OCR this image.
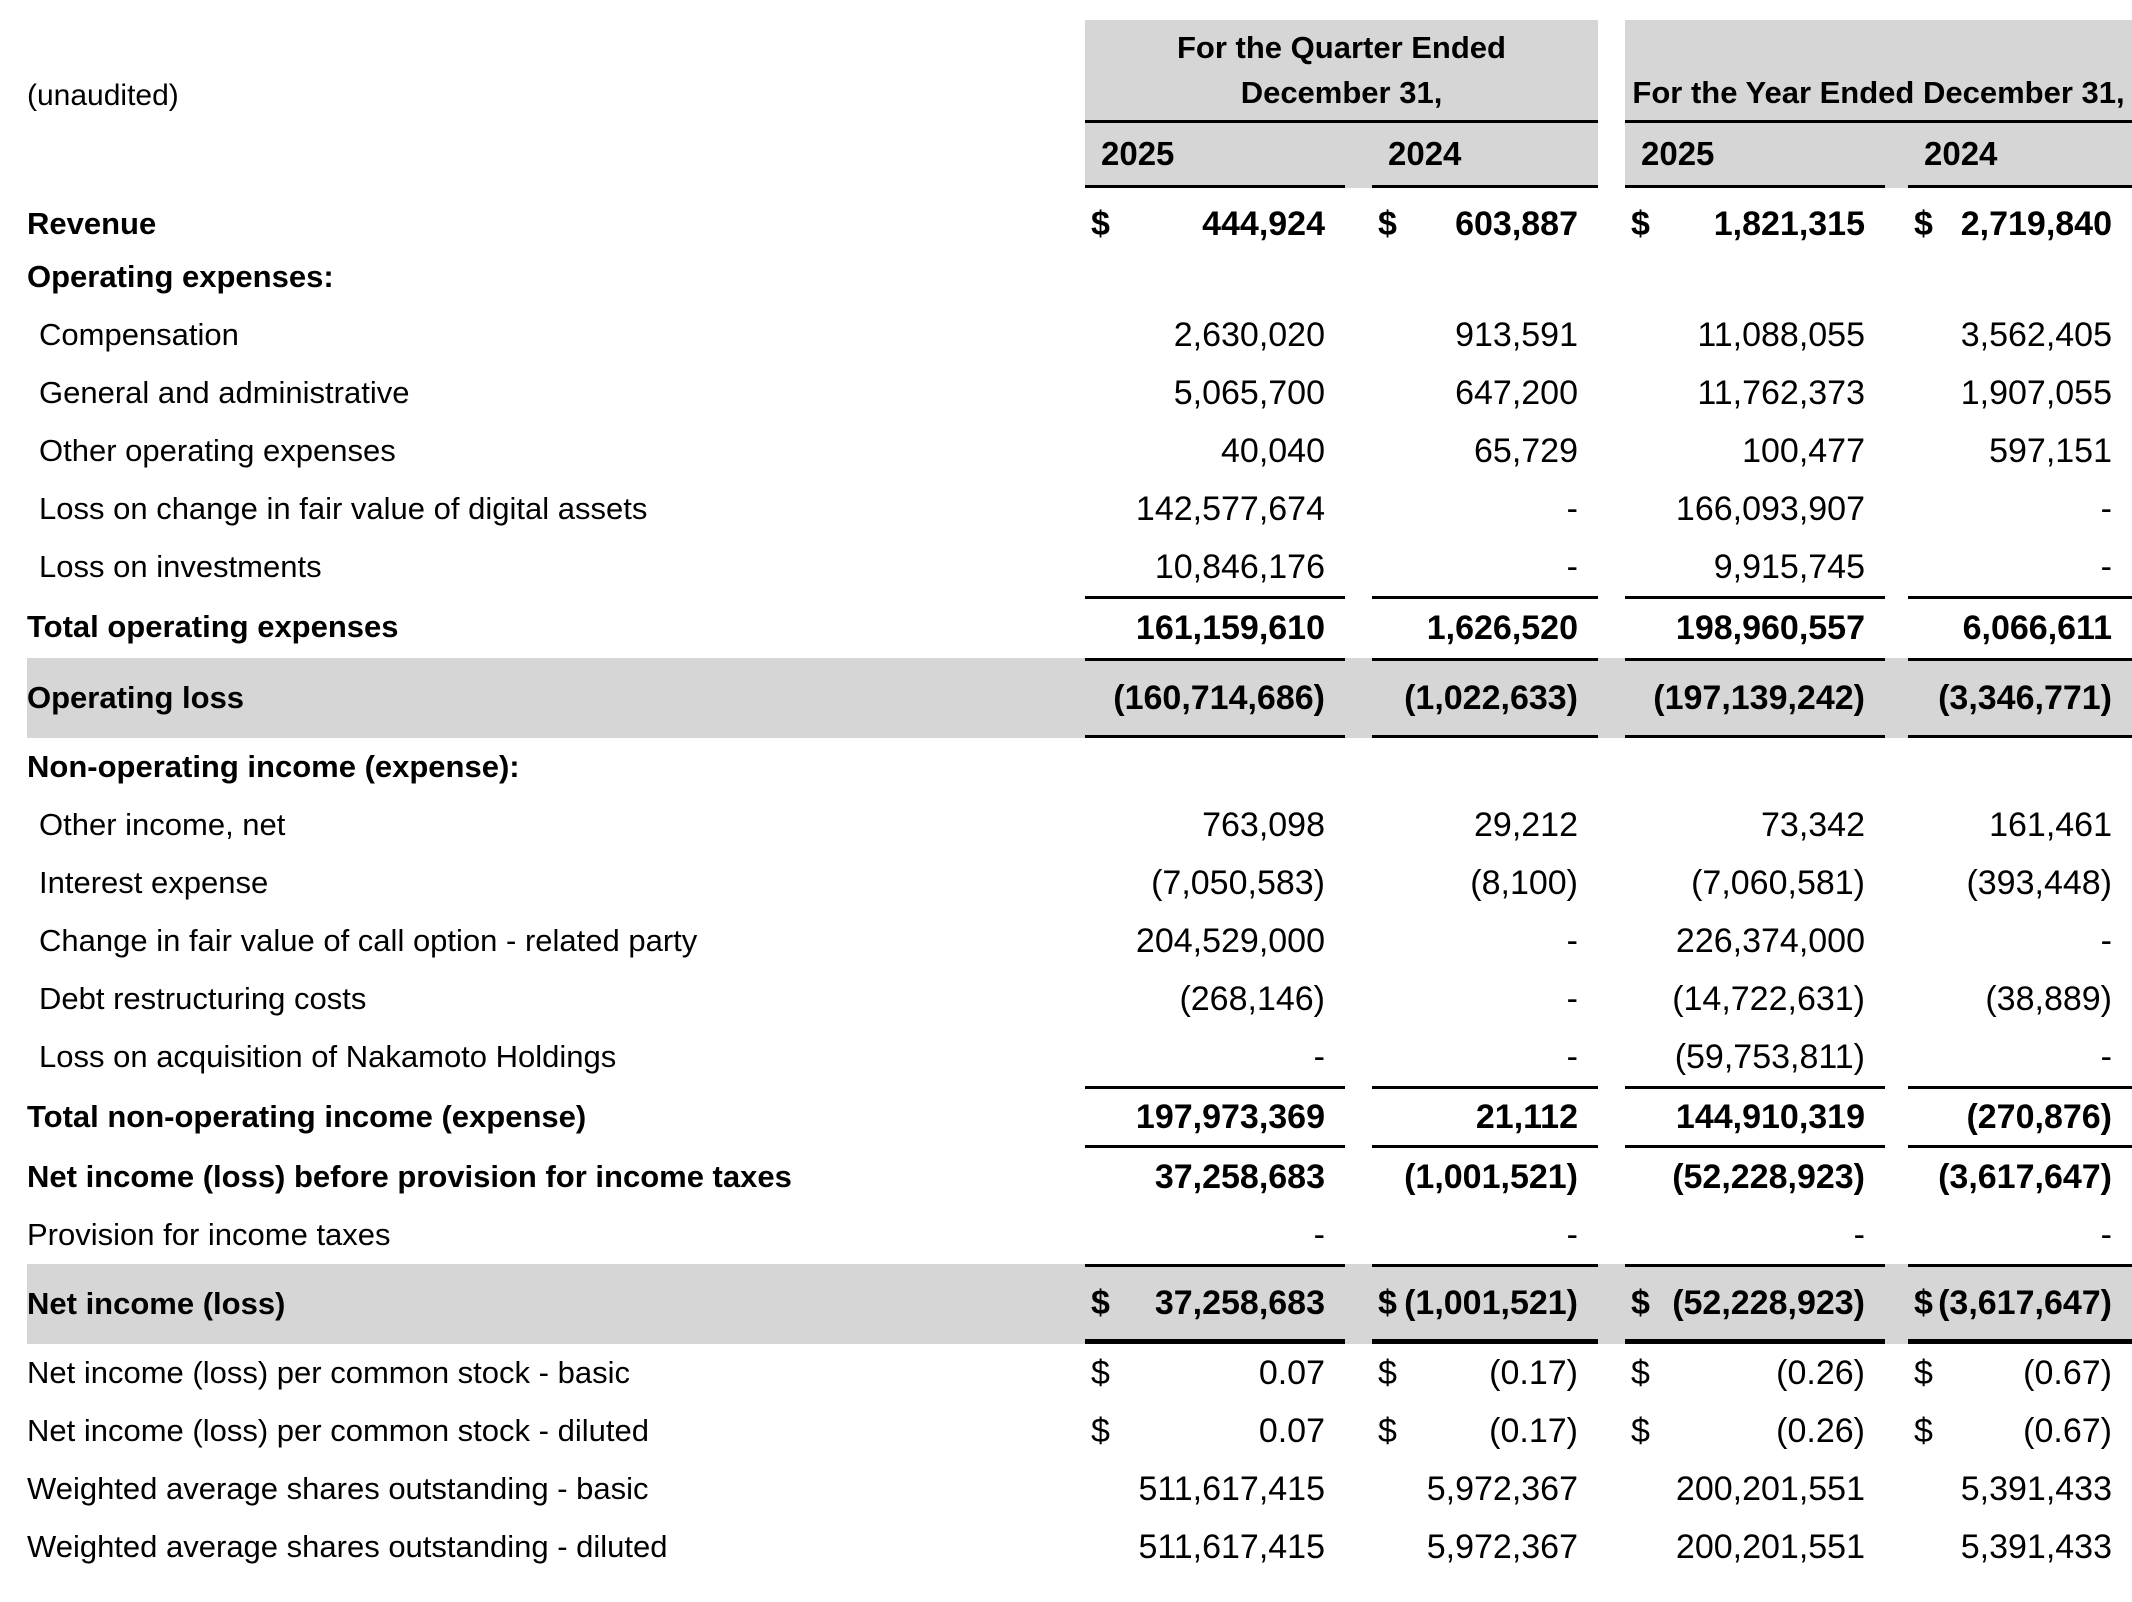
(unaudited)
For the Quarter Ended December 31,	For the Year Ended December 31,
2025	2024	2025	2024
Revenue	$	444,924 $ 603,887 $ 1,821,315 $ 2,719,840
Operating expenses:
Compensation	2,630,020	913,591	11,088,055	3,562,405
General and administrative	5,065,700	647,200	11,762,373	1,907,055
Other operating expenses	40,040	65,729	100,477	597,151
Loss on change in fair value of digital assets	142,577,674	-	166,093,907	-
Loss on investments	10,846,176	-	9,915,745	-
Total operating expenses	161,159,610	1,626,520	198,960,557	6,066,611
Operating loss	(160,714,686) (1,022,633) (197,139,242) (3,346,771)
Non-operating income (expense):
Other income, net	763,098	29,212	73,342	161,461
Interest expense	(7,050,583)	(8,100)	(7,060,581)	(393,448)
Change in fair value of call option - related party	204,529,000	-	226,374,000	-
Debt restructuring costs	(268,146)	-	(14,722,631)	(38,889)
Loss on acquisition of Nakamoto Holdings	-	-	(59,753,811)	-
Total non-operating income (expense)	197,973,369	21,112	144,910,319	(270,876)
Net income (loss) before provision for income taxes	37,258,683 (1,001,521)	(52,228,923) (3,617,647)
Provision for income taxes	-	-	-	-
Net income (loss)	$ 37,258,683 $ (1,001,521) $ (52,228,923) $ (3,617,647)
Net income (loss) per common stock - basic	$	0.07 $	(0.17) $	(0.26) $	(0.67)
Net income (loss) per common stock - diluted	$	0.07 $	(0.17) $	(0.26) $	(0.67)
Weighted average shares outstanding - basic	511,617,415	5,972,367	200,201,551	5,391,433
Weighted average shares outstanding - diluted	511,617,415	5,972,367	200,201,551	5,391,433
